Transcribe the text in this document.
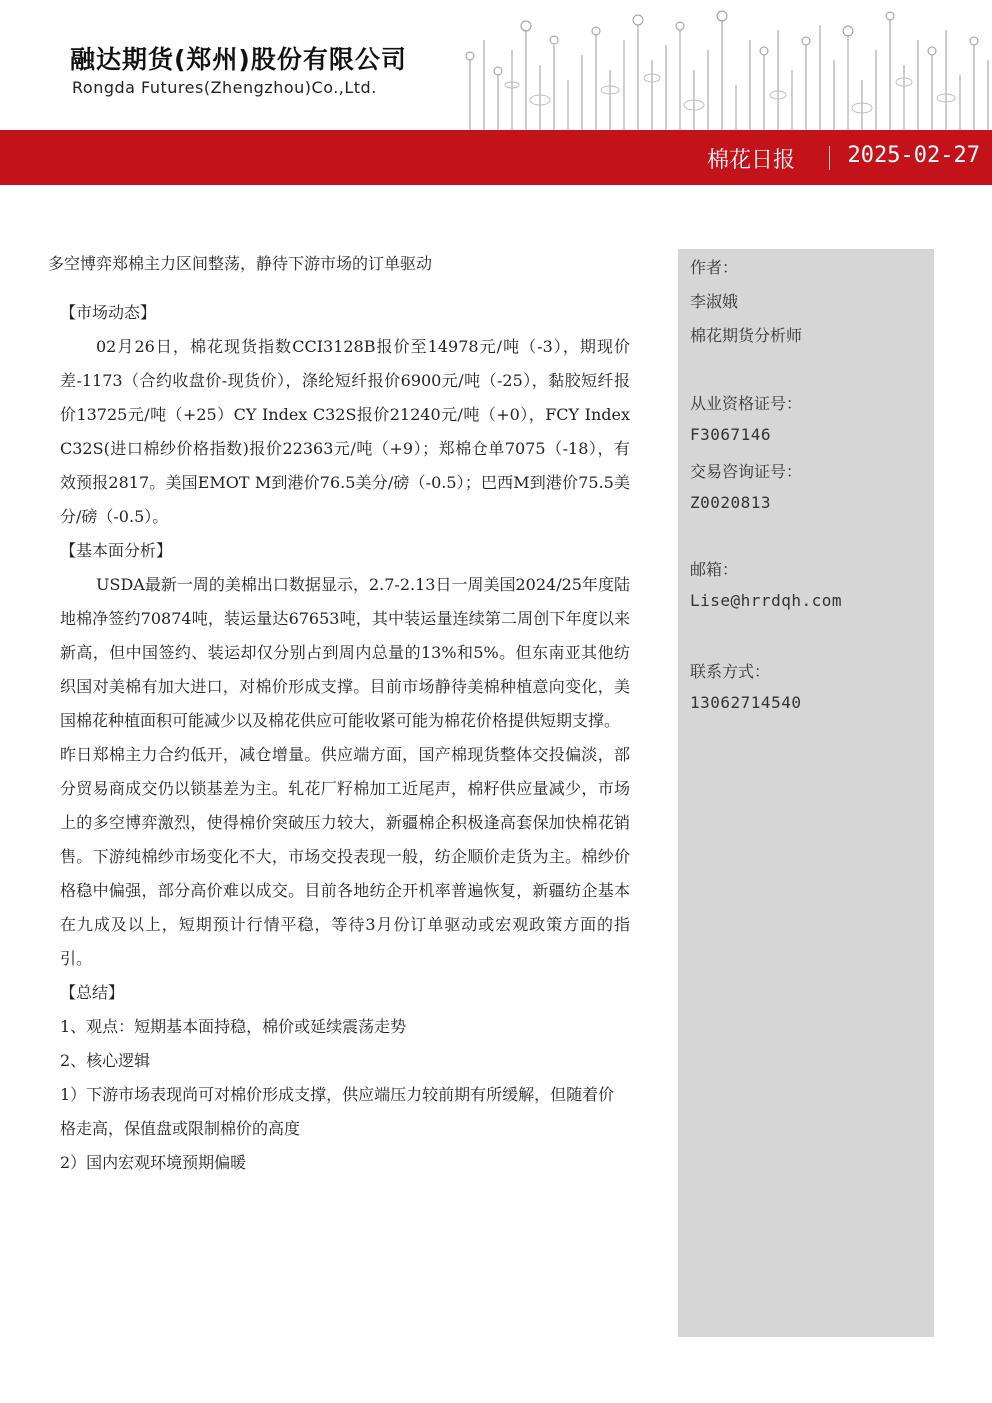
融达期货(郑州)股份有限公司
Rongda Futures(Zhengzhou)Co.,Ltd.
棉花日报 2025-02-27
多空博弈郑棉主力区间整荡，静待下游市场的订单驱动
【市场动态】

02月26日，棉花现货指数CCI3128B报价至14978元/吨（-3），期现价差-1173（合约收盘价-现货价），涤纶短纤报价6900元/吨（-25），黏胶短纤报价13725元/吨（+25）CY Index C32S报价21240元/吨（+0），FCY Index C32S(进口棉纱价格指数)报价22363元/吨（+9）；郑棉仓单7075（-18），有效预报2817。美国EMOT M到港价76.5美分/磅（-0.5）；巴西M到港价75.5美分/磅（-0.5）。

【基本面分析】

USDA最新一周的美棉出口数据显示，2.7-2.13日一周美国2024/25年度陆地棉净签约70874吨，装运量达67653吨，其中装运量连续第二周创下年度以来新高，但中国签约、装运却仅分别占到周内总量的13%和5%。但东南亚其他纺织国对美棉有加大进口，对棉价形成支撑。目前市场静待美棉种植意向变化，美国棉花种植面积可能减少以及棉花供应可能收紧可能为棉花价格提供短期支撑。

昨日郑棉主力合约低开，减仓增量。供应端方面，国产棉现货整体交投偏淡，部分贸易商成交仍以锁基差为主。轧花厂籽棉加工近尾声，棉籽供应量减少，市场上的多空博弈激烈，使得棉价突破压力较大，新疆棉企积极逢高套保加快棉花销售。下游纯棉纱市场变化不大，市场交投表现一般，纺企顺价走货为主。棉纱价格稳中偏强，部分高价难以成交。目前各地纺企开机率普遍恢复，新疆纺企基本在九成及以上，短期预计行情平稳，等待3月份订单驱动或宏观政策方面的指引。

【总结】

1、观点：短期基本面持稳，棉价或延续震荡走势

2、核心逻辑

1）下游市场表现尚可对棉价形成支撑，供应端压力较前期有所缓解，但随着价格走高，保值盘或限制棉价的高度

2）国内宏观环境预期偏暖

作者：
李淑娥
棉花期货分析师
从业资格证号：
F3067146
交易咨询证号：
Z0020813
邮箱：
Lise@hrrdqh.com
联系方式：
13062714540
